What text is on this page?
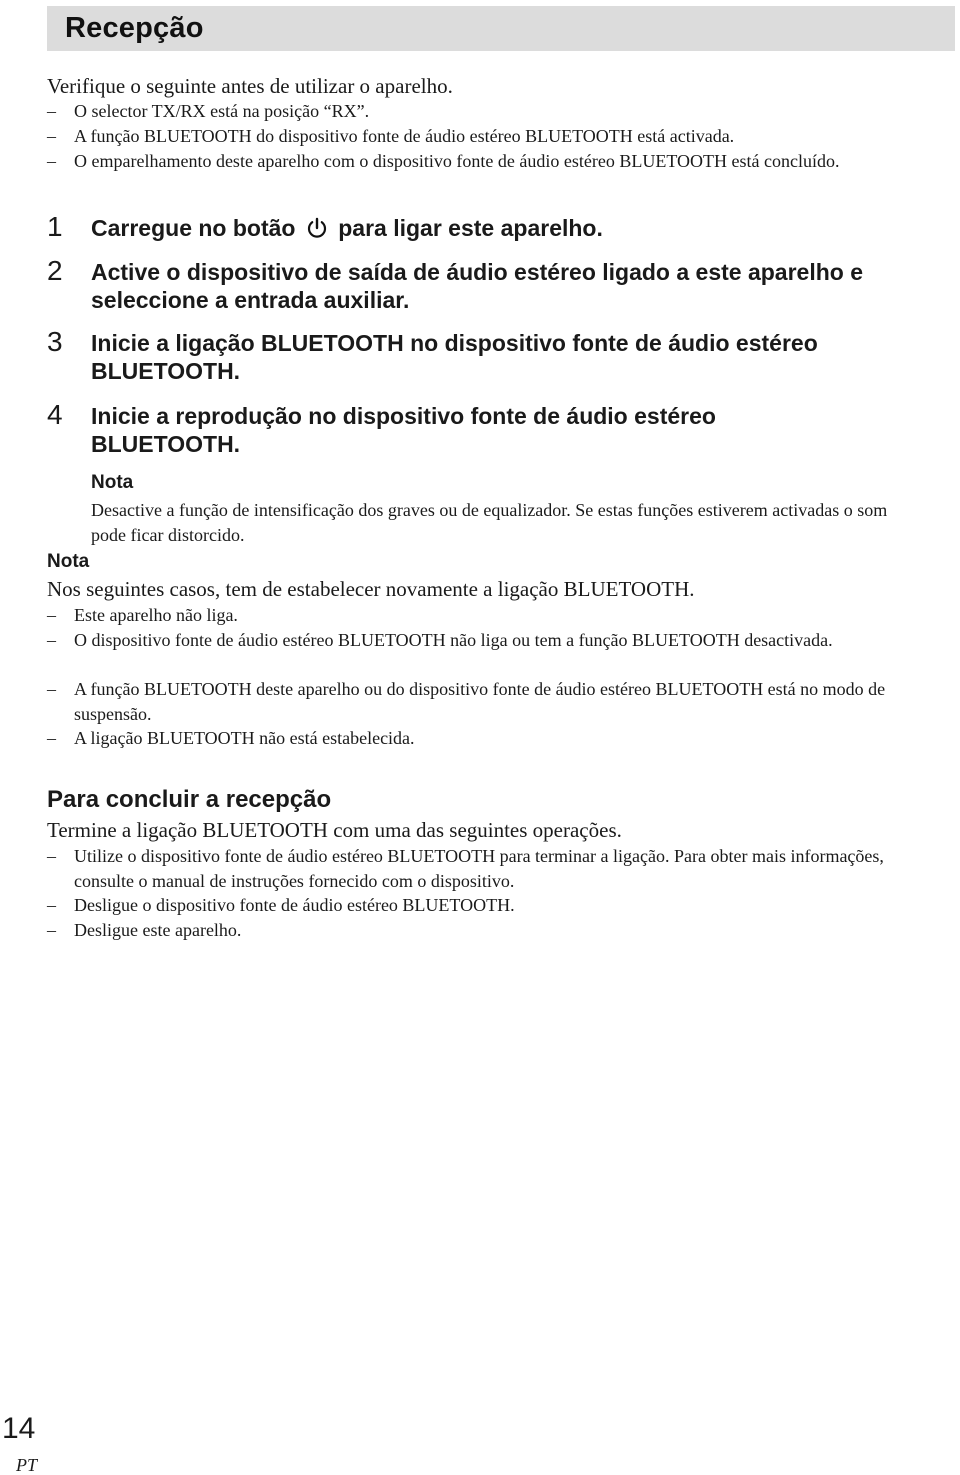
Recepção
Verifique o seguinte antes de utilizar o aparelho.
– O selector TX/RX está na posição “RX”.
– A função BLUETOOTH do dispositivo fonte de áudio estéreo BLUETOOTH está activada.
– O emparelhamento deste aparelho com o dispositivo fonte de áudio estéreo BLUETOOTH está concluído.
1 Carregue no botão para ligar este aparelho.
2 Active o dispositivo de saída de áudio estéreo ligado a este aparelho e seleccione a entrada auxiliar.
3 Inicie a ligação BLUETOOTH no dispositivo fonte de áudio estéreo BLUETOOTH.
4 Inicie a reprodução no dispositivo fonte de áudio estéreo BLUETOOTH.
Nota
Desactive a função de intensificação dos graves ou de equalizador. Se estas funções estiverem activadas o som pode ficar distorcido.
Nota
Nos seguintes casos, tem de estabelecer novamente a ligação BLUETOOTH.
– Este aparelho não liga.
– O dispositivo fonte de áudio estéreo BLUETOOTH não liga ou tem a função BLUETOOTH desactivada.
– A função BLUETOOTH deste aparelho ou do dispositivo fonte de áudio estéreo BLUETOOTH está no modo de suspensão.
– A ligação BLUETOOTH não está estabelecida.
Para concluir a recepção
Termine a ligação BLUETOOTH com uma das seguintes operações.
– Utilize o dispositivo fonte de áudio estéreo BLUETOOTH para terminar a ligação. Para obter mais informações, consulte o manual de instruções fornecido com o dispositivo.
– Desligue o dispositivo fonte de áudio estéreo BLUETOOTH.
– Desligue este aparelho.
14
PT
